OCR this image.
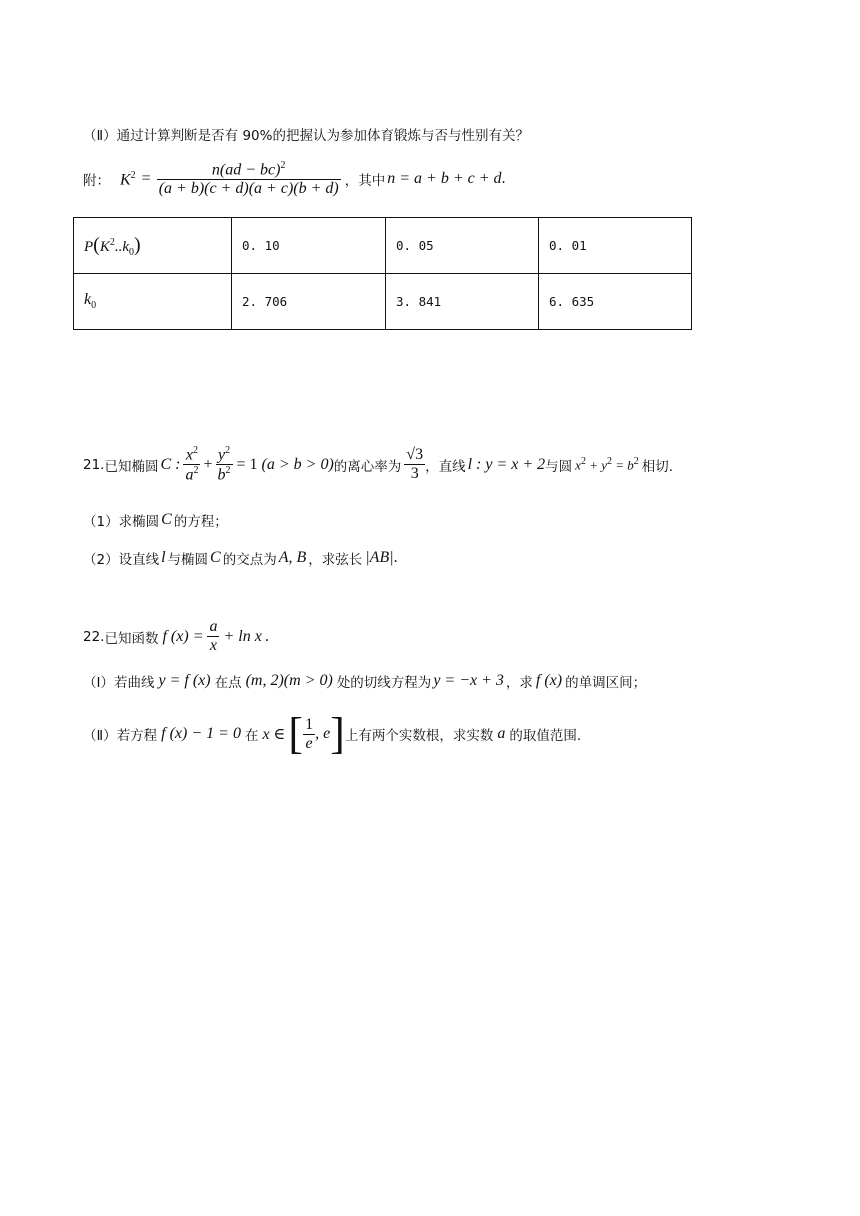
（Ⅱ） 通过计算判断是否有 90%的把握认为参加体育锻炼与否与性别有关？
附： $K^2 = \frac{n(ad - bc)^2}{(a + b)(c + d)(a + c)(b + d)}$ ，其中 n = a + b + c + d .
$P(K^2..k_0)$	0. 10	0. 05	0. 01
$k_0$	2. 706	3. 841	6. 635
21. 已知椭圆 C : $\frac{x^2}{a^2} + \frac{y^2}{b^2} = 1$ (a > b > 0) 的离心率为 $\frac{√3}{3}$ ，直线 l : y = x + 2 与圆 $x^2 + y^2 = b^2$ 相切.
（1） 求椭圆 C 的方程；
（2） 设直线 l 与椭圆 C 的交点为 A, B ，求弦长 |AB| .
22. 已知函数 f $(x) = \frac{a}{x} + \ln x$ .
（Ⅰ） 若曲线 y = f (x) 在点 (m, 2)(m > 0) 处的切线方程为 y = −x + 3 ，求 f (x) 的单调区间；
（Ⅱ） 若方程 f (x) − 1 = 0 在 x ∈ [ $\frac{1}{e}$ , e ] 上有两个实数根，求实数 a 的取值范围.
